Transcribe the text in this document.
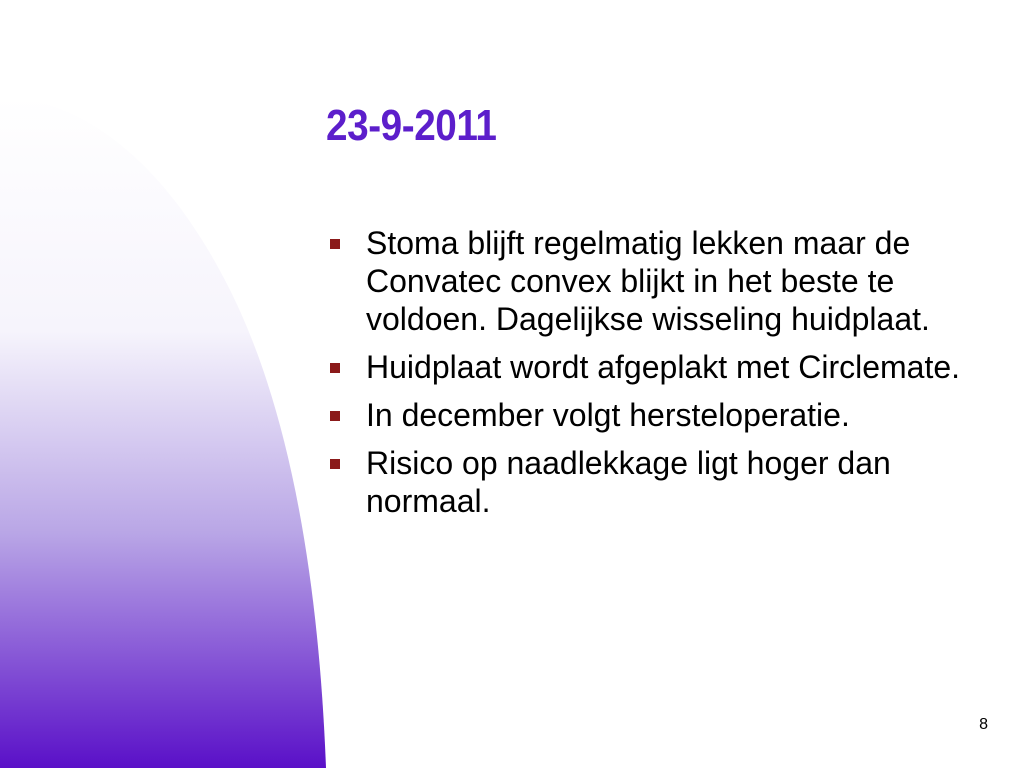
23-9-2011
Stoma blijft regelmatig lekken maar de Convatec convex blijkt in het beste te voldoen. Dagelijkse wisseling huidplaat.
Huidplaat wordt afgeplakt met Circlemate.
In december volgt hersteloperatie.
Risico op naadlekkage ligt hoger dan normaal.
8
